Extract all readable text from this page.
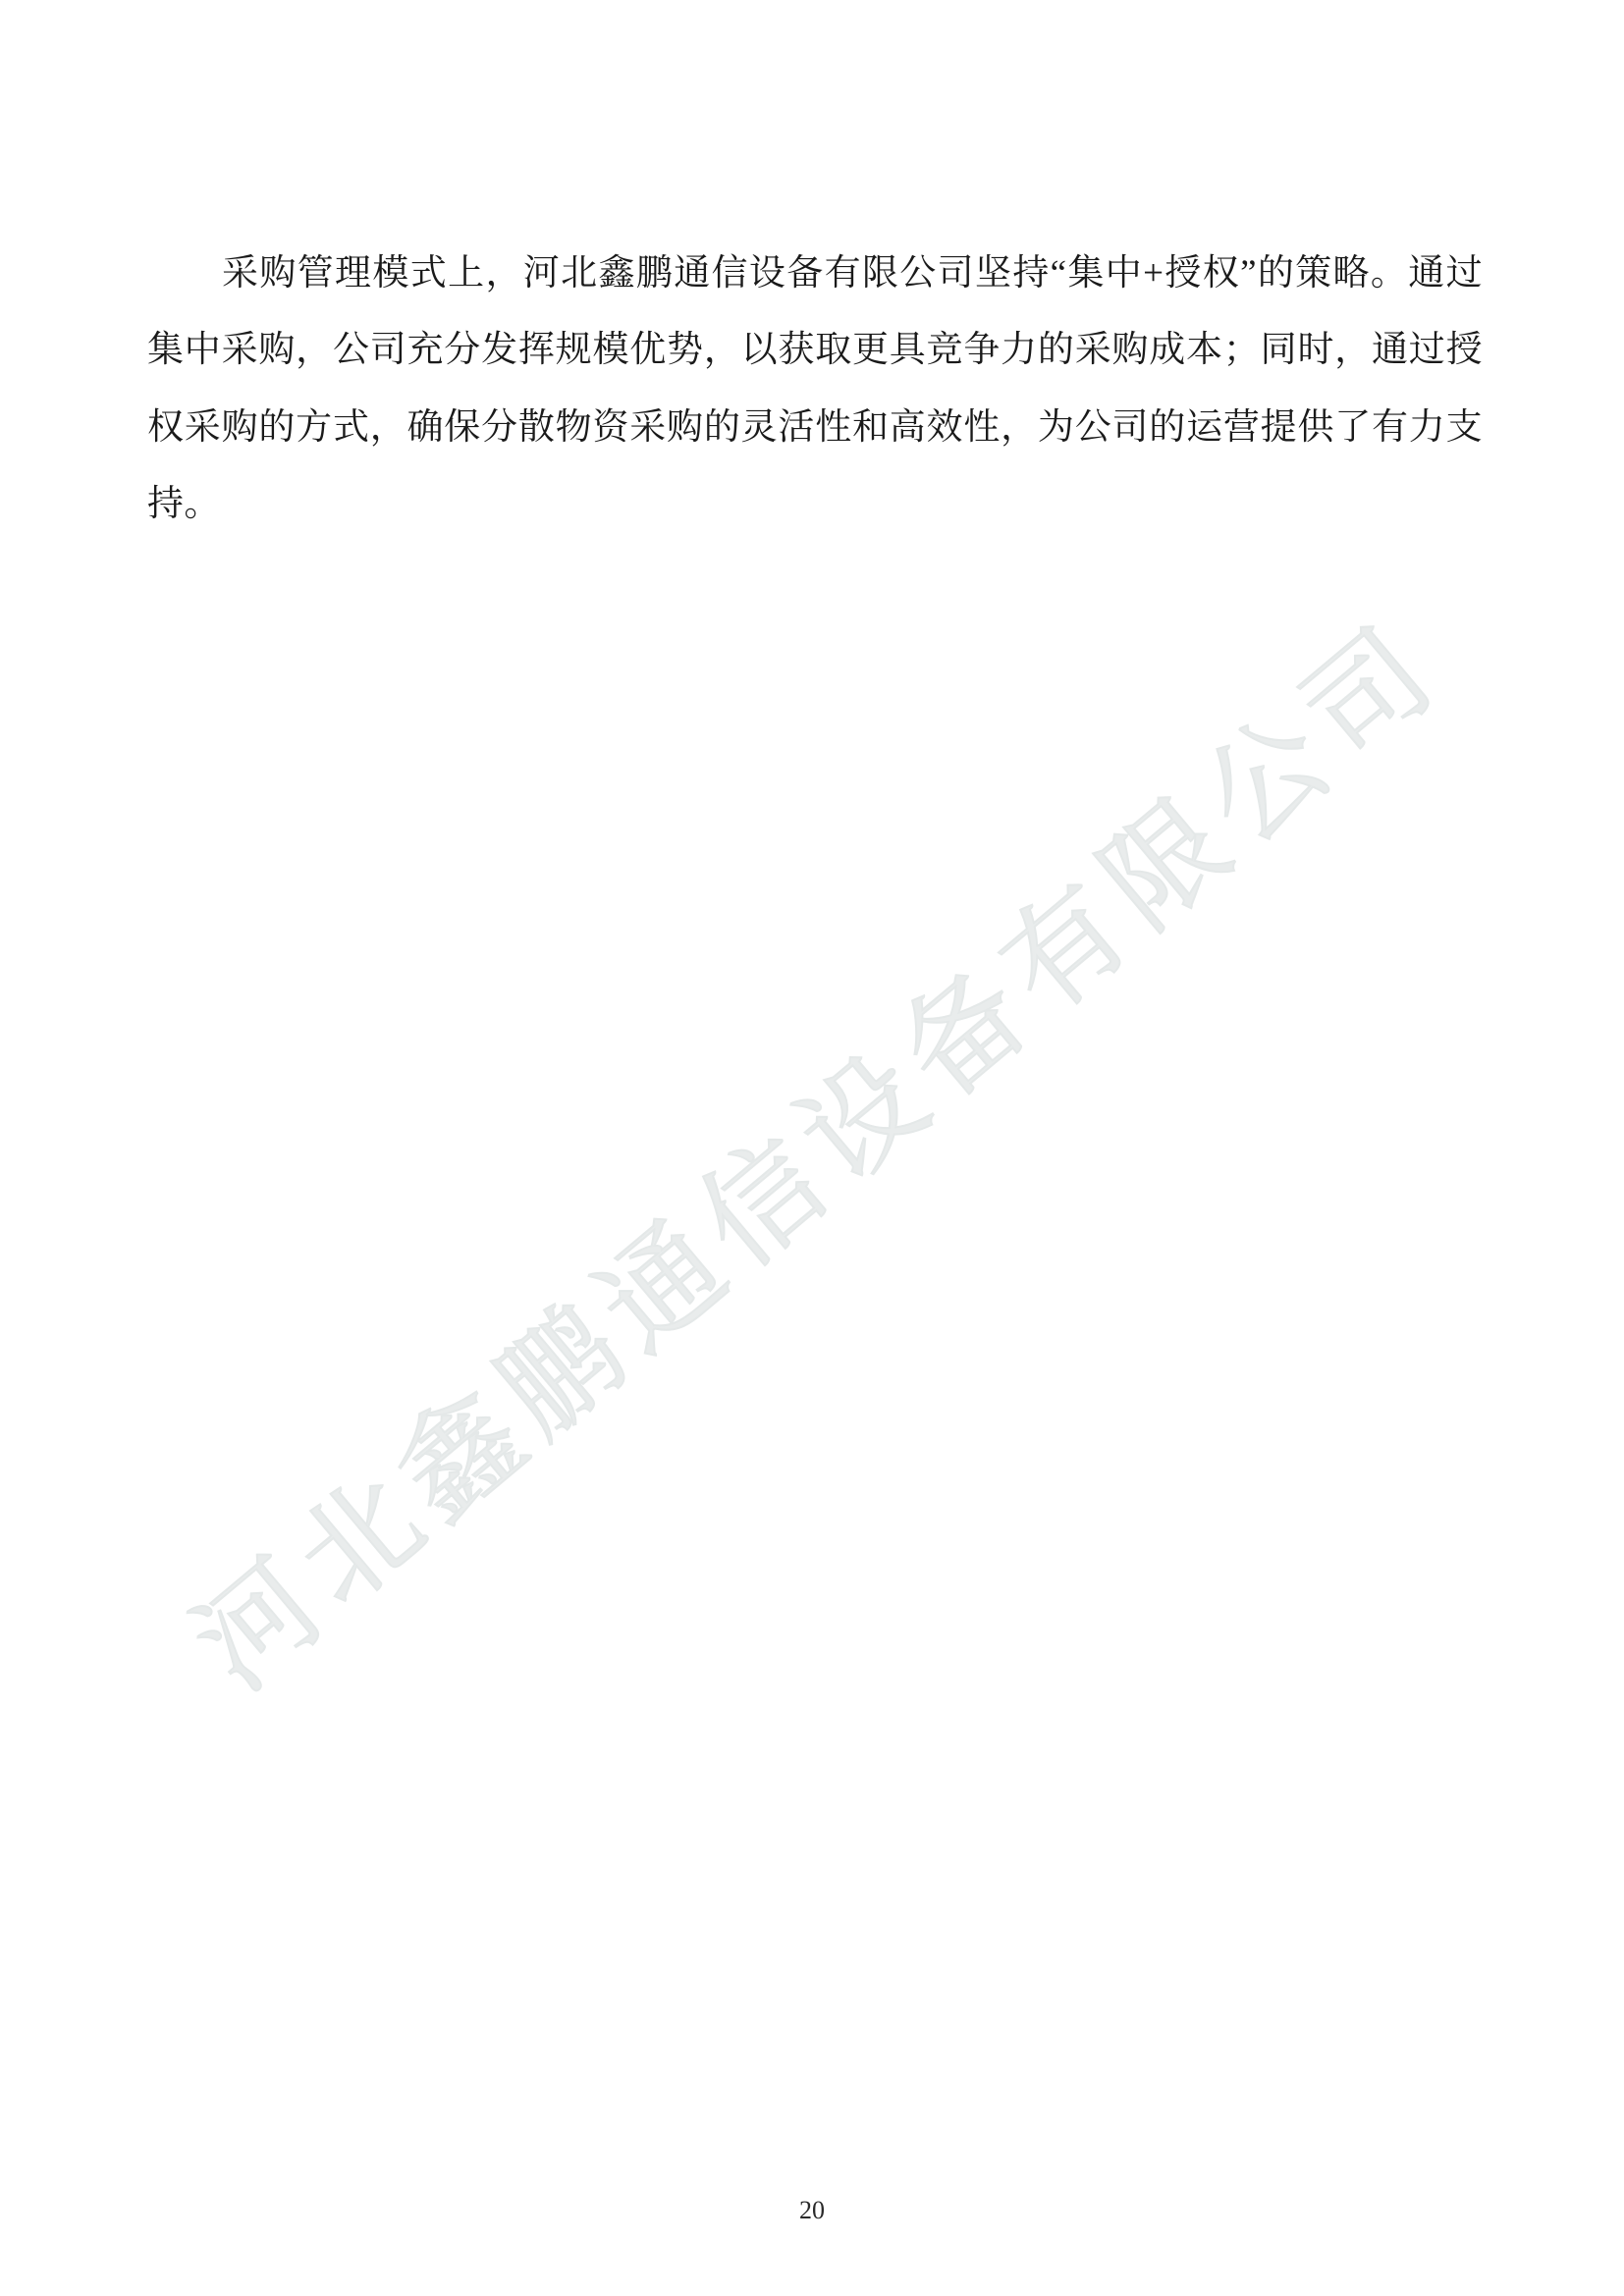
河北鑫鹏通信设备有限公司

采购管理模式上，河北鑫鹏通信设备有限公司坚持“集中+授权”的策略。通过集中采购，公司充分发挥规模优势，以获取更具竞争力的采购成本；同时，通过授权采购的方式，确保分散物资采购的灵活性和高效性，为公司的运营提供了有力支持。

20
